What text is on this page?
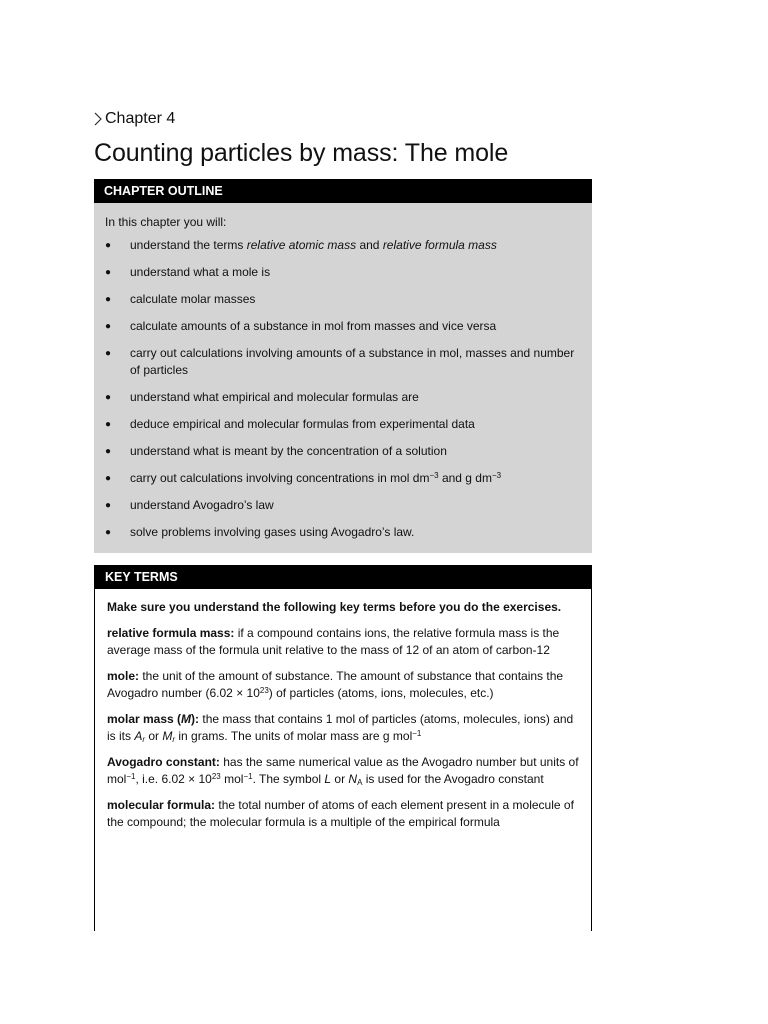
Chapter 4
Counting particles by mass: The mole
CHAPTER OUTLINE
In this chapter you will:
●	understand the terms relative atomic mass and relative formula mass
●	understand what a mole is
●	calculate molar masses
●	calculate amounts of a substance in mol from masses and vice versa
●	carry out calculations involving amounts of a substance in mol, masses and number of particles
●	understand what empirical and molecular formulas are
●	deduce empirical and molecular formulas from experimental data
●	understand what is meant by the concentration of a solution
●	carry out calculations involving concentrations in mol $dm^{-3}$ and g $dm^{-3}$
●	understand Avogadro’s law
●	solve problems involving gases using Avogadro’s law.
KEY TERMS
Make sure you understand the following key terms before you do the exercises.
relative formula mass: if a compound contains ions, the relative formula mass is the average mass of the formula unit relative to the mass of 12 of an atom of carbon-12
mole: the unit of the amount of substance. The amount of substance that contains the Avogadro number $(6.02 \times 10^{23})$ of particles (atoms, ions, molecules, etc.)
molar mass (M): the mass that contains 1 mol of particles (atoms, molecules, ions) and is its $A_r$ or $M_r$ in grams. The units of molar mass are g mol$^{-1}$
Avogadro constant: has the same numerical value as the Avogadro number but units of mol$^{-1}$, i.e. $6.02 \times 10^{23}$ mol$^{-1}$. The symbol L or $N_A$ is used for the Avogadro constant
molecular formula: the total number of atoms of each element present in a molecule of the compound; the molecular formula is a multiple of the empirical formula
